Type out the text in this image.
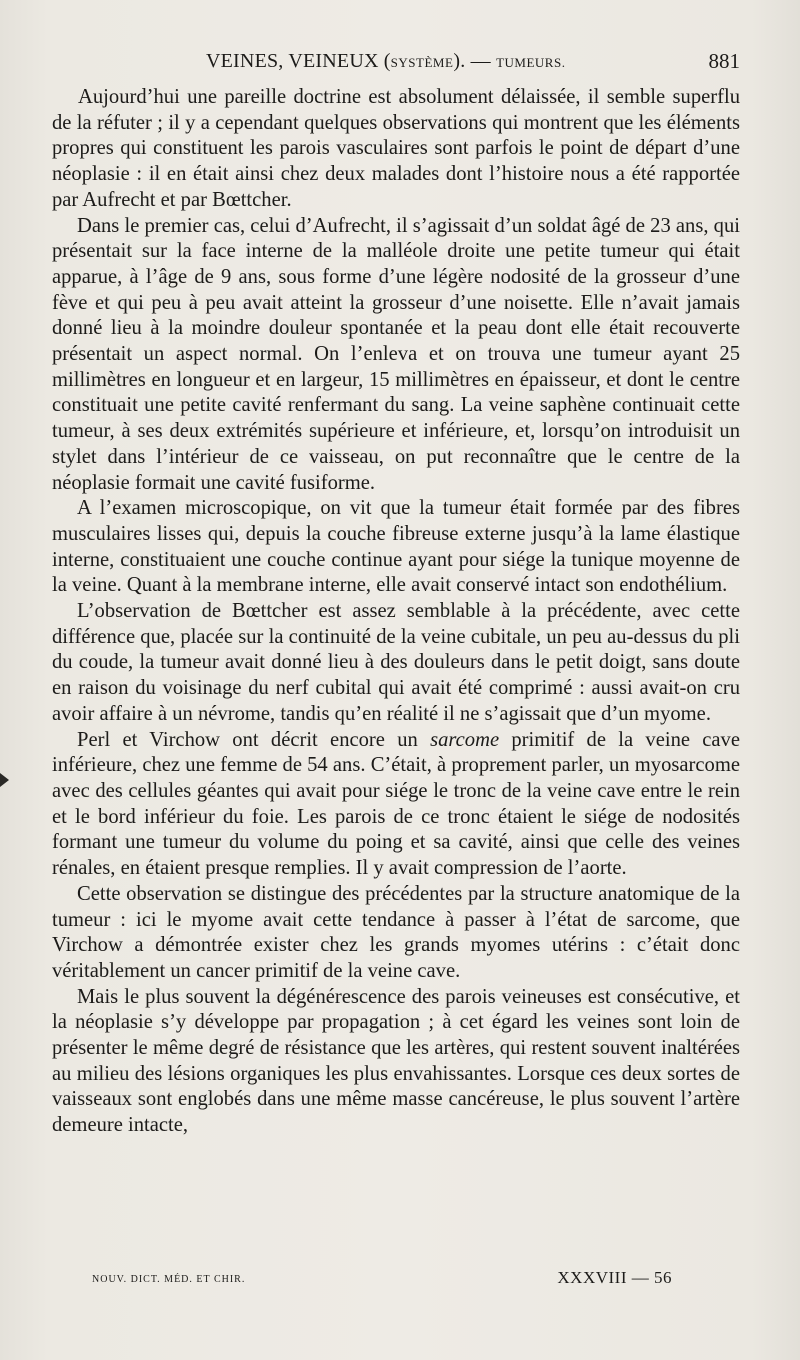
VEINES, VEINEUX (SYSTÈME). — TUMEURS.	881

Aujourd’hui une pareille doctrine est absolument délaissée, il semble superflu de la réfuter ; il y a cependant quelques observations qui montrent que les éléments propres qui constituent les parois vasculaires sont parfois le point de départ d’une néoplasie : il en était ainsi chez deux malades dont l’histoire nous a été rapportée par Aufrecht et par Bœttcher.

Dans le premier cas, celui d’Aufrecht, il s’agissait d’un soldat âgé de 23 ans, qui présentait sur la face interne de la malléole droite une petite tumeur qui était apparue, à l’âge de 9 ans, sous forme d’une légère nodosité de la grosseur d’une fève et qui peu à peu avait atteint la grosseur d’une noisette. Elle n’avait jamais donné lieu à la moindre douleur spontanée et la peau dont elle était recouverte présentait un aspect normal. On l’enleva et on trouva une tumeur ayant 25 millimètres en longueur et en largeur, 15 millimètres en épaisseur, et dont le centre constituait une petite cavité renfermant du sang. La veine saphène continuait cette tumeur, à ses deux extrémités supérieure et inférieure, et, lorsqu’on introduisit un stylet dans l’intérieur de ce vaisseau, on put reconnaître que le centre de la néoplasie formait une cavité fusiforme.

A l’examen microscopique, on vit que la tumeur était formée par des fibres musculaires lisses qui, depuis la couche fibreuse externe jusqu’à la lame élastique interne, constituaient une couche continue ayant pour siége la tunique moyenne de la veine. Quant à la membrane interne, elle avait conservé intact son endothélium.

L’observation de Bœttcher est assez semblable à la précédente, avec cette différence que, placée sur la continuité de la veine cubitale, un peu au-dessus du pli du coude, la tumeur avait donné lieu à des douleurs dans le petit doigt, sans doute en raison du voisinage du nerf cubital qui avait été comprimé : aussi avait-on cru avoir affaire à un névrome, tandis qu’en réalité il ne s’agissait que d’un myome.

Perl et Virchow ont décrit encore un sarcome primitif de la veine cave inférieure, chez une femme de 54 ans. C’était, à proprement parler, un myosarcome avec des cellules géantes qui avait pour siége le tronc de la veine cave entre le rein et le bord inférieur du foie. Les parois de ce tronc étaient le siége de nodosités formant une tumeur du volume du poing et sa cavité, ainsi que celle des veines rénales, en étaient presque remplies. Il y avait compression de l’aorte.

Cette observation se distingue des précédentes par la structure anatomique de la tumeur : ici le myome avait cette tendance à passer à l’état de sarcome, que Virchow a démontrée exister chez les grands myomes utérins : c’était donc véritablement un cancer primitif de la veine cave.

Mais le plus souvent la dégénérescence des parois veineuses est consécutive, et la néoplasie s’y développe par propagation ; à cet égard les veines sont loin de présenter le même degré de résistance que les artères, qui restent souvent inaltérées au milieu des lésions organiques les plus envahissantes. Lorsque ces deux sortes de vaisseaux sont englobés dans une même masse cancéreuse, le plus souvent l’artère demeure intacte,

NOUV. DICT. MÉD. ET CHIR.	XXXVIII — 56
